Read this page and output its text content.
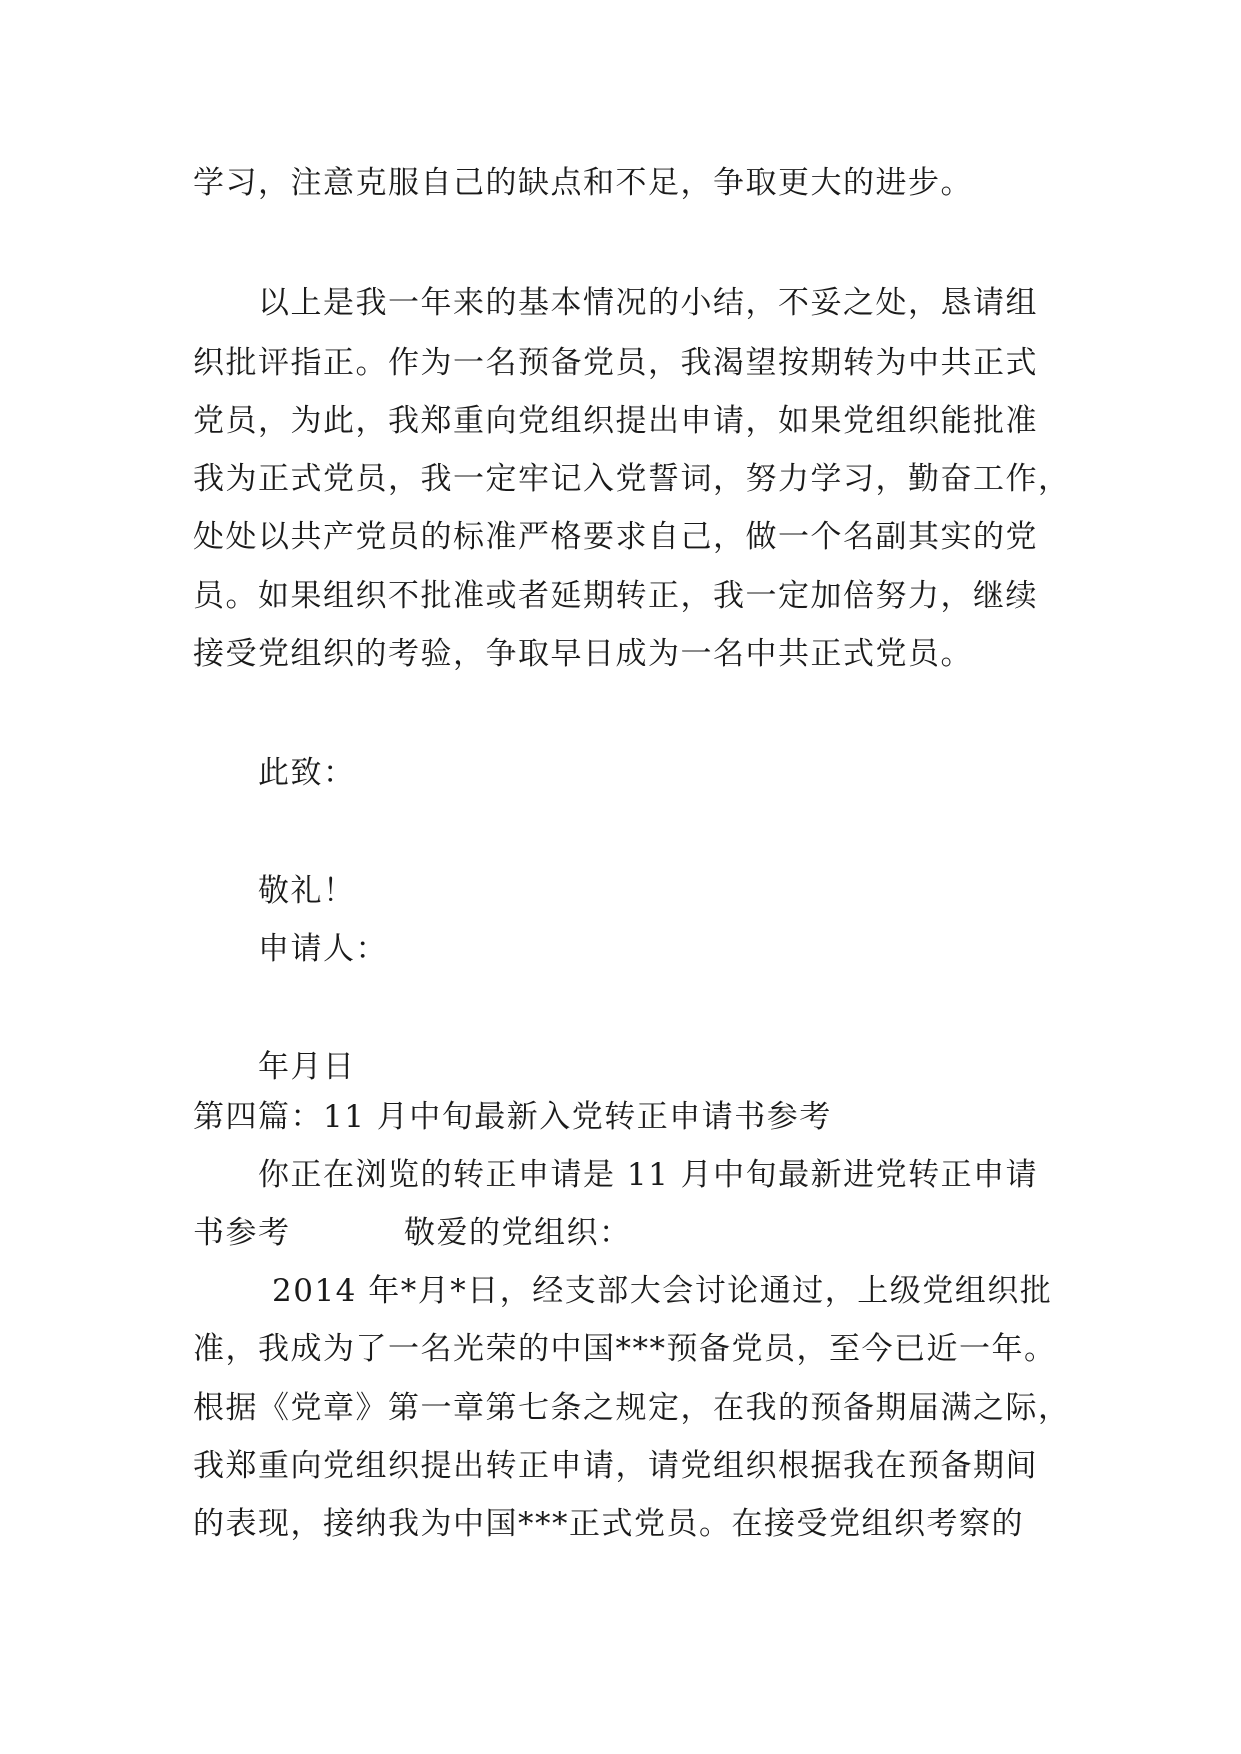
学习，注意克服自己的缺点和不足，争取更大的进步。
以上是我一年来的基本情况的小结，不妥之处，恳请组
织批评指正。作为一名预备党员，我渴望按期转为中共正式
党员，为此，我郑重向党组织提出申请，如果党组织能批准
我为正式党员，我一定牢记入党誓词，努力学习，勤奋工作，
处处以共产党员的标准严格要求自己，做一个名副其实的党
员。如果组织不批准或者延期转正，我一定加倍努力，继续
接受党组织的考验，争取早日成为一名中共正式党员。
此致：
敬礼！
申请人：
年月日
第四篇：11 月中旬最新入党转正申请书参考
你正在浏览的转正申请是 11 月中旬最新进党转正申请
书参考          敬爱的党组织：
2014 年*月*日，经支部大会讨论通过，上级党组织批
准，我成为了一名光荣的中国***预备党员，至今已近一年。
根据《党章》第一章第七条之规定，在我的预备期届满之际，
我郑重向党组织提出转正申请，请党组织根据我在预备期间
的表现，接纳我为中国***正式党员。在接受党组织考察的
